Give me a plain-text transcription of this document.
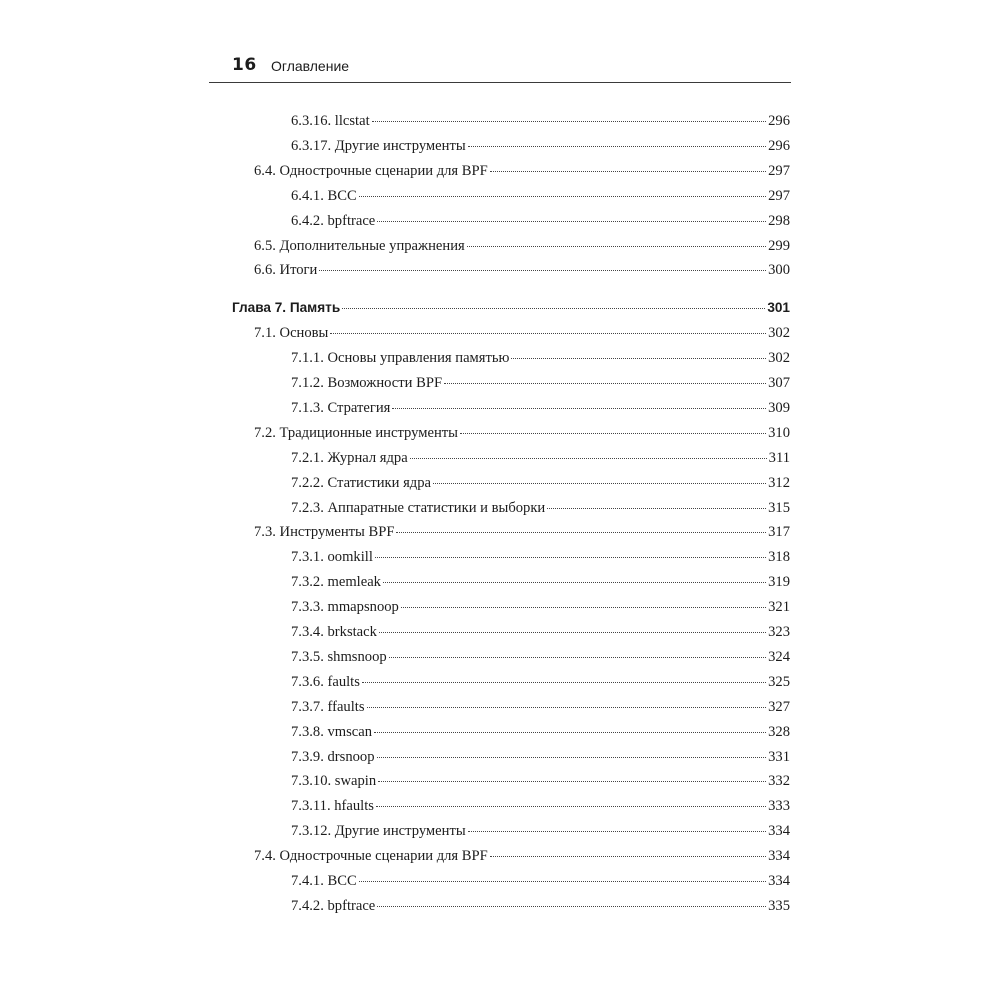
16 Оглавление
6.3.16. llcstat	296
6.3.17. Другие инструменты	296
6.4. Однострочные сценарии для BPF	297
6.4.1. BCC	297
6.4.2. bpftrace	298
6.5. Дополнительные упражнения	299
6.6. Итоги	300
Глава 7. Память	301
7.1. Основы	302
7.1.1. Основы управления памятью	302
7.1.2. Возможности BPF	307
7.1.3. Стратегия	309
7.2. Традиционные инструменты	310
7.2.1. Журнал ядра	311
7.2.2. Статистики ядра	312
7.2.3. Аппаратные статистики и выборки	315
7.3. Инструменты BPF	317
7.3.1. oomkill	318
7.3.2. memleak	319
7.3.3. mmapsnoop	321
7.3.4. brkstack	323
7.3.5. shmsnoop	324
7.3.6. faults	325
7.3.7. ffaults	327
7.3.8. vmscan	328
7.3.9. drsnoop	331
7.3.10. swapin	332
7.3.11. hfaults	333
7.3.12. Другие инструменты	334
7.4. Однострочные сценарии для BPF	334
7.4.1. BCC	334
7.4.2. bpftrace	335
